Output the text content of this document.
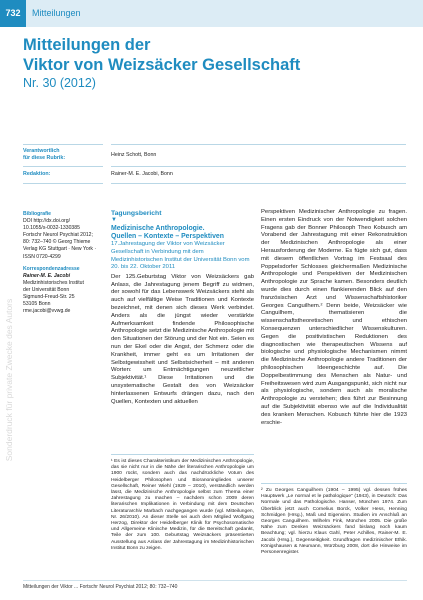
732	Mitteilungen
Mitteilungen der
Viktor von Weizsäcker Gesellschaft
Nr. 30 (2012)
Verantwortlich
für diese Rubrik:	Heinz Schott, Bonn
Redaktion:	Rainer-M. E. Jacobi, Bonn
Sonderdruck für private Zwecke des Autors
Bibliografie
DOI http://dx.doi.org/
10.1055/s-0032-1330385
Fortschr Neurol Psychiat 2012;
80: 732–740 © Georg Thieme
Verlag KG Stuttgart · New York ·
ISSN 0720-4299
Korrespondenzadresse
Rainer-M. E. Jacobi
Medizinhistorisches Institut
der Universität Bonn
Sigmund-Freud-Str. 25
53105 Bonn
rme.jacobi@vvwg.de
Tagungsbericht
▼
Medizinische Anthropologie.
Quellen – Kontexte – Perspektiven
17.Jahrestagung der Viktor von Weizsäcker Gesellschaft in Verbindung mit dem Medizinhistorischen Institut der Universität Bonn vom 20. bis 22. Oktober 2011
Der 125.Geburtstag Viktor von Weizsäckers gab Anlass, die Jahrestagung jenem Begriff zu widmen, der sowohl für das Lebenswerk Weizsäckers steht als auch auf vielfältige Weise Traditionen und Kontexte bezeichnet, mit denen sich dieses Werk verbindet. Anders als die jüngst wieder verstärkte Aufmerksamkeit findende Philosophische Anthropologie setzt die Medizinische Anthropologie mit den Situationen der Störung und der Not ein. Seien es nun der Ekel oder die Angst, der Schmerz oder die Krankheit, immer geht es um Irritationen der Selbstgewissheit und Selbstsicherheit – mit anderen Worten: um Entmächtigungen neuzeitlicher Subjektivität.¹ Diese Irritationen und die unsystematische Gestalt des von Weizsäcker hinterlassenen Entwurfs drängen dazu, nach den Quellen, Kontexten und aktuellen
Perspektiven Medizinischer Anthropologie zu fragen. Einen ersten Eindruck von der Notwendigkeit solchen Fragens gab der Bonner Philosoph Theo Kobusch am Vorabend der Jahrestagung mit einer Rekonstruktion der Medizinischen Anthropologie als einer Herausforderung der Moderne. Es fügte sich gut, dass mit diesem öffentlichen Vortrag im Festsaal des Poppelsdorfer Schlosses gleichermaßen Medizinische Anthropologie und Perspektiven der Medizinischen Anthropologie zur Sprache kamen. Besonders deutlich wurde dies durch einen flankierenden Blick auf den französischen Arzt und Wissenschaftshistoriker Georges Canguilhem.² Denn beide, Weizsäcker wie Canguilhem, thematisieren die wissenschaftstheoretischen und ethischen Konsequenzen unterschiedlicher Wissenskulturen. Gegen die positivistischen Reduktionen des diagnostischen wie therapeutischen Wissens auf biologische und physiologische Mechanismen nimmt die Medizinische Anthropologie andere Traditionen der philosophischen Ideengeschichte auf. Die Doppelbestimmung des Menschen als Natur- und Freiheitswesen wird zum Ausgangspunkt, sich nicht nur als physiologische, sondern auch als moralische Anthropologie zu verstehen; dies führt zur Besinnung auf die Subjektivität ebenso wie auf die Individualität des kranken Menschen. Kobusch führte hier die 1923 erschie-
¹ Es ist dieses Charakteristikum der Medizinischen Anthropologie, das sie nicht nur in die Nähe der literarischen Anthropologie um 1900 rückt, sondern auch das nachdrückliche Votum des Heidelberger Philosophen und Bioranoningliedes unserer Gesellschaft, Reiner Wiehl (1929 – 2010), verständlich werden lässt, die Medizinische Anthropologie selbst zum Thema einer Jahrestagung zu machen – nachdem schon 2009 deren literarischen Implikationen in Verbindung mit dem Deutschen Literaturarchiv Marbach nachgegangen wurde (vgl. Mitteilungen, Nr. 26/2010). An dieser Stelle sei auch dem Mitglied Wolfgang Herzog, Direktor der Heidelberger Klinik für Psychosomatische und Allgemeine Klinische Medizin, für die Bereitschaft gedankt, Teile der zum 100. Geburtstag Weizsäckers präsentierten Ausstellung aus Anlass der Jahrestagung im Medizinhistorischen Institut Bonn zu zeigen.
² Zu Georges Canguilhem (1904 – 1995) vgl. dessen frühes Hauptwerk „Le normal et le pathologique“ (1943), in Deutsch: Das Normale und das Pathologische. Hanser, München 1974. Zum Überblick jetzt auch Cornelius Borck, Volker Hess, Henning Schmidgen (Hrsg.), Maß und Eigensinn. Studien im Anschluß an Georges Canguilhem. Wilhelm Fink, München 2005. Die große Nähe zum Denken Weizsäckers fand bislang noch kaum Beachtung; vgl. hierzu Klaus Gahl, Peter Achilles, Rainer-M. E. Jacobi (Hrsg.), Gegenseitigkeit. Grundfragen medizinischer Ethik. Königshausen & Neumann, Würzburg 2008, dort die Hinweise im Personenregister.
Mitteilungen der Viktor ... Fortschr Neurol Psychiat 2012; 80: 732–740
